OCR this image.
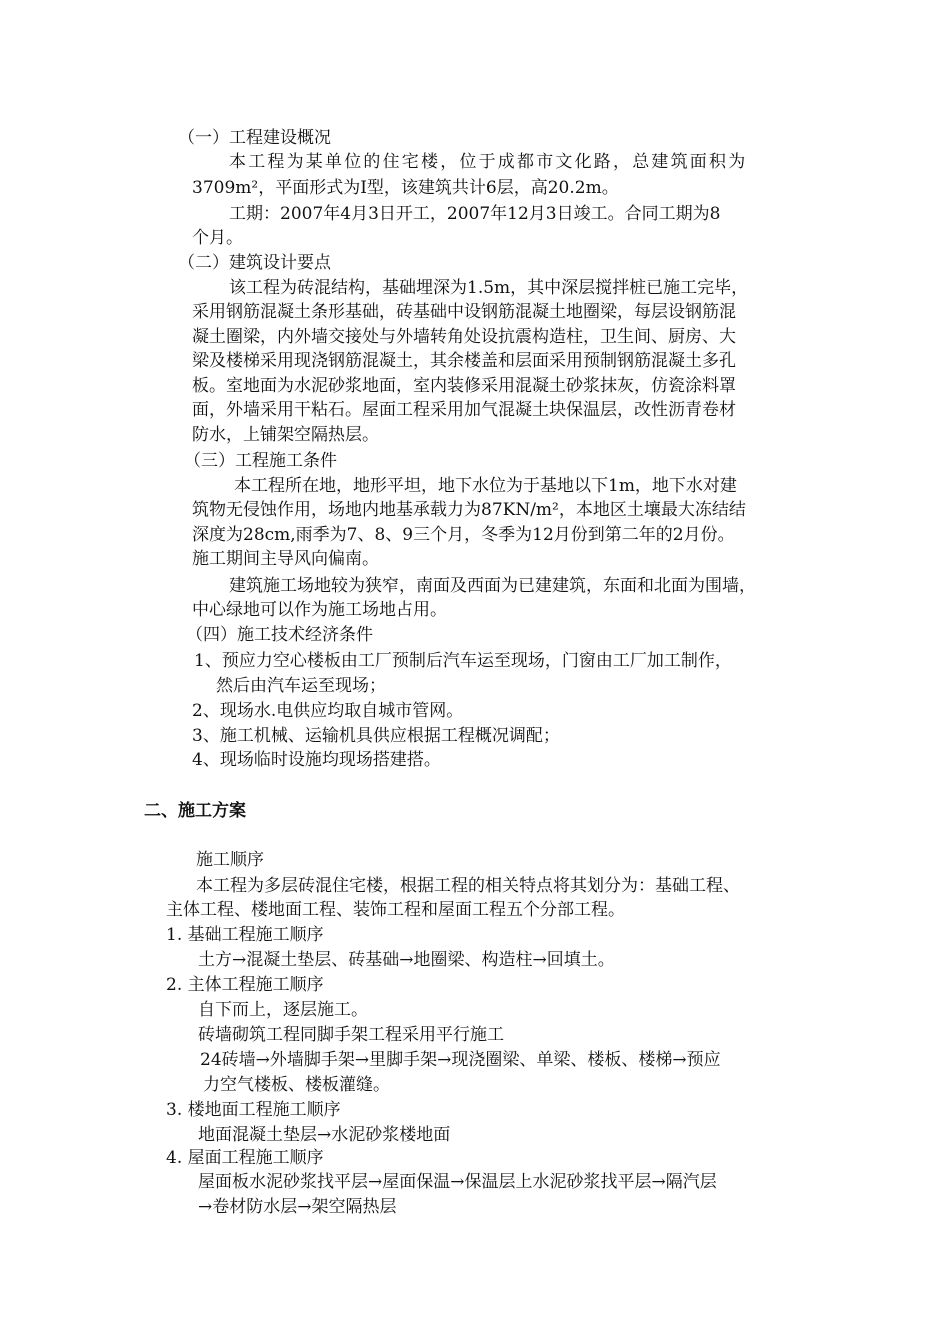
（一）工程建设概况
本工程为某单位的住宅楼，位于成都市文化路，总建筑面积为
3709m²，平面形式为Ⅰ型，该建筑共计6层，高20.2m。
工期：2007年4月3日开工，2007年12月3日竣工。合同工期为8
个月。
（二）建筑设计要点
该工程为砖混结构，基础埋深为1.5m，其中深层搅拌桩已施工完毕，
采用钢筋混凝土条形基础，砖基础中设钢筋混凝土地圈梁，每层设钢筋混
凝土圈梁，内外墙交接处与外墙转角处设抗震构造柱，卫生间、厨房、大
梁及楼梯采用现浇钢筋混凝土，其余楼盖和层面采用预制钢筋混凝土多孔
板。室地面为水泥砂浆地面，室内装修采用混凝土砂浆抹灰，仿瓷涂料罩
面，外墙采用干粘石。屋面工程采用加气混凝土块保温层，改性沥青卷材
防水，上铺架空隔热层。
（三）工程施工条件
本工程所在地，地形平坦，地下水位为于基地以下1m，地下水对建
筑物无侵蚀作用，场地内地基承载力为87KN/m²，本地区土壤最大冻结结
深度为28cm,雨季为7、8、9三个月，冬季为12月份到第二年的2月份。
施工期间主导风向偏南。
建筑施工场地较为狭窄，南面及西面为已建建筑，东面和北面为围墙，
中心绿地可以作为施工场地占用。
（四）施工技术经济条件
1、预应力空心楼板由工厂预制后汽车运至现场，门窗由工厂加工制作，
然后由汽车运至现场；
2、现场水.电供应均取自城市管网。
3、施工机械、运输机具供应根据工程概况调配；
4、现场临时设施均现场搭建搭。
二、施工方案
施工顺序
本工程为多层砖混住宅楼，根据工程的相关特点将其划分为：基础工程、
主体工程、楼地面工程、装饰工程和屋面工程五个分部工程。
1. 基础工程施工顺序
土方→混凝土垫层、砖基础→地圈梁、构造柱→回填土。
2. 主体工程施工顺序
自下而上，逐层施工。
砖墙砌筑工程同脚手架工程采用平行施工
24砖墙→外墙脚手架→里脚手架→现浇圈梁、单梁、楼板、楼梯→预应
力空气楼板、楼板灌缝。
3. 楼地面工程施工顺序
地面混凝土垫层→水泥砂浆楼地面
4. 屋面工程施工顺序
屋面板水泥砂浆找平层→屋面保温→保温层上水泥砂浆找平层→隔汽层
→卷材防水层→架空隔热层
